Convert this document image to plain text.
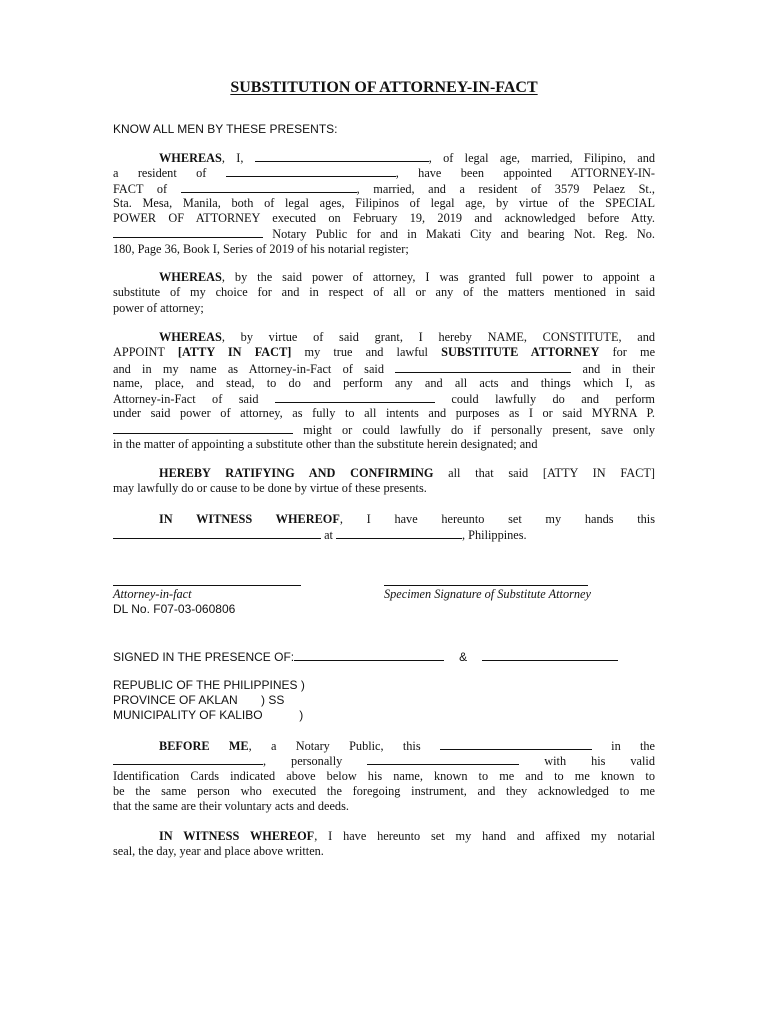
SUBSTITUTION OF ATTORNEY-IN-FACT
KNOW ALL MEN BY THESE PRESENTS:
WHEREAS, I,	, of legal age, married, Filipino, and
a resident of	, have been appointed ATTORNEY-IN-
FACT of	, married, and a resident of 3579 Pelaez St.,
Sta. Mesa, Manila, both of legal ages, Filipinos of legal age, by virtue of the SPECIAL
POWER OF ATTORNEY executed on February 19, 2019 and acknowledged before Atty.
Notary Public for and in Makati City and bearing Not. Reg. No.
180, Page 36, Book I, Series of 2019 of his notarial register;
WHEREAS, by the said power of attorney, I was granted full power to appoint a
substitute of my choice for and in respect of all or any of the matters mentioned in said
power of attorney;
WHEREAS, by virtue of said grant, I hereby NAME, CONSTITUTE, and
APPOINT [ATTY IN FACT] my true and lawful SUBSTITUTE ATTORNEY for me
and in my name as Attorney-in-Fact of said	and in their
name, place, and stead, to do and perform any and all acts and things which I, as
Attorney-in-Fact of said	could lawfully do and perform
under said power of attorney, as fully to all intents and purposes as I or said MYRNA P.
might or could lawfully do if personally present, save only
in the matter of appointing a substitute other than the substitute herein designated; and
HEREBY RATIFYING AND CONFIRMING all that said [ATTY IN FACT]
may lawfully do or cause to be done by virtue of these presents.
IN WITNESS WHEREOF, I have hereunto set my hands this
at	, Philippines.
Attorney-in-fact	Specimen Signature of Substitute Attorney
DL No. F07-03-060806
SIGNED IN THE PRESENCE OF:	&
REPUBLIC OF THE PHILIPPINES )
PROVINCE OF AKLAN       ) SS
MUNICIPALITY OF KALIBO           )
BEFORE ME, a Notary Public, this	in the
, personally	with his valid
Identification Cards indicated above below his name, known to me and to me known to
be the same person who executed the foregoing instrument, and they acknowledged to me
that the same are their voluntary acts and deeds.
IN WITNESS WHEREOF, I have hereunto set my hand and affixed my notarial
seal, the day, year and place above written.
